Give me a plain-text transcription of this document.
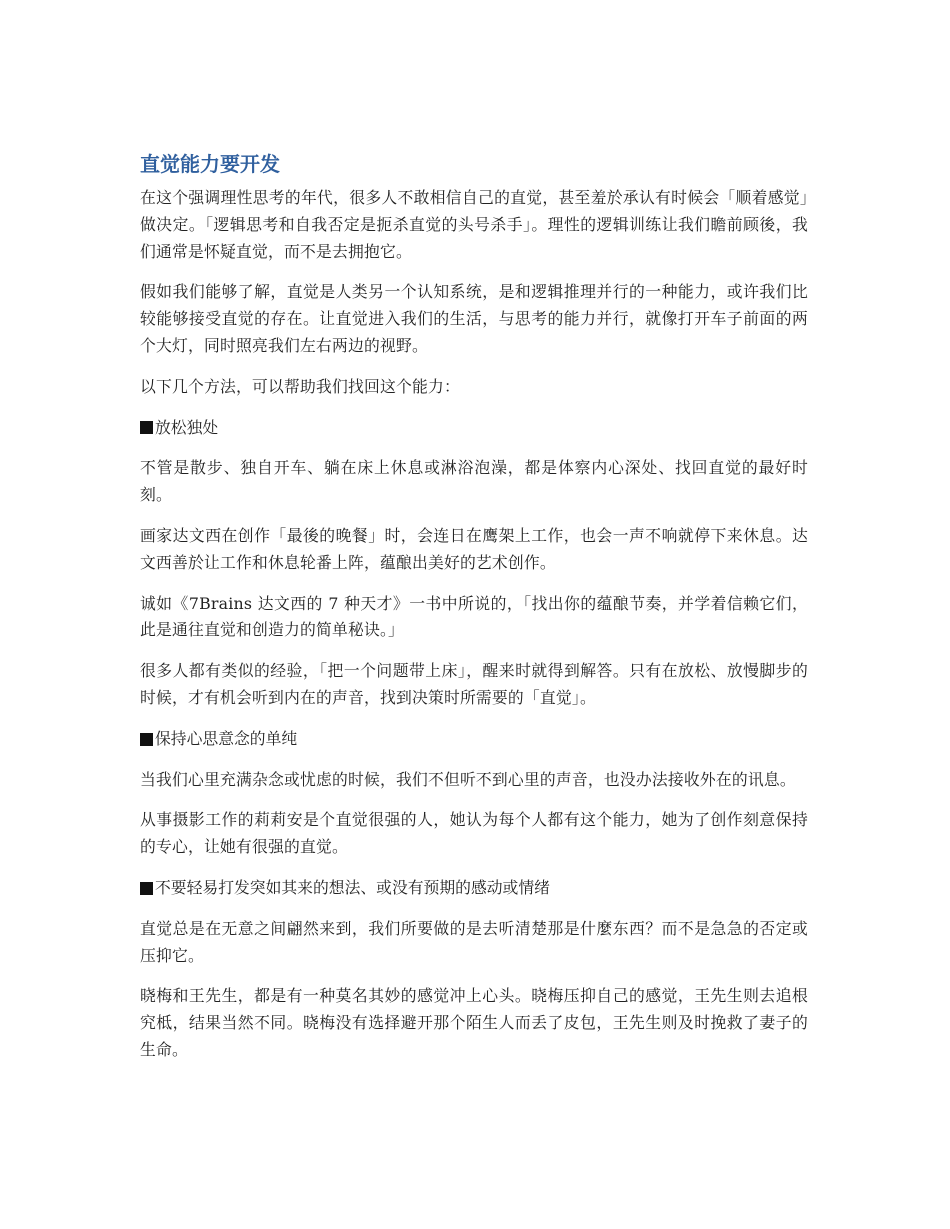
直觉能力要开发

在这个强调理性思考的年代，很多人不敢相信自己的直觉，甚至羞於承认有时候会「顺着感觉」做决定。「逻辑思考和自我否定是扼杀直觉的头号杀手」。理性的逻辑训练让我们瞻前顾後，我们通常是怀疑直觉，而不是去拥抱它。

假如我们能够了解，直觉是人类另一个认知系统，是和逻辑推理并行的一种能力，或许我们比较能够接受直觉的存在。让直觉进入我们的生活，与思考的能力并行，就像打开车子前面的两个大灯，同时照亮我们左右两边的视野。

以下几个方法，可以帮助我们找回这个能力：

放松独处

不管是散步、独自开车、躺在床上休息或淋浴泡澡，都是体察内心深处、找回直觉的最好时刻。

画家达文西在创作「最後的晚餐」时，会连日在鹰架上工作，也会一声不响就停下来休息。达文西善於让工作和休息轮番上阵，蕴酿出美好的艺术创作。

诚如《7Brains 达文西的 7 种天才》一书中所说的，「找出你的蕴酿节奏，并学着信赖它们，此是通往直觉和创造力的简单秘诀。」

很多人都有类似的经验，「把一个问题带上床」，醒来时就得到解答。只有在放松、放慢脚步的时候，才有机会听到内在的声音，找到决策时所需要的「直觉」。

保持心思意念的单纯

当我们心里充满杂念或忧虑的时候，我们不但听不到心里的声音，也没办法接收外在的讯息。

从事摄影工作的莉莉安是个直觉很强的人，她认为每个人都有这个能力，她为了创作刻意保持的专心，让她有很强的直觉。

不要轻易打发突如其来的想法、或没有预期的感动或情绪

直觉总是在无意之间翩然来到，我们所要做的是去听清楚那是什麼东西？而不是急急的否定或压抑它。

晓梅和王先生，都是有一种莫名其妙的感觉冲上心头。晓梅压抑自己的感觉，王先生则去追根究柢，结果当然不同。晓梅没有选择避开那个陌生人而丢了皮包，王先生则及时挽救了妻子的生命。
